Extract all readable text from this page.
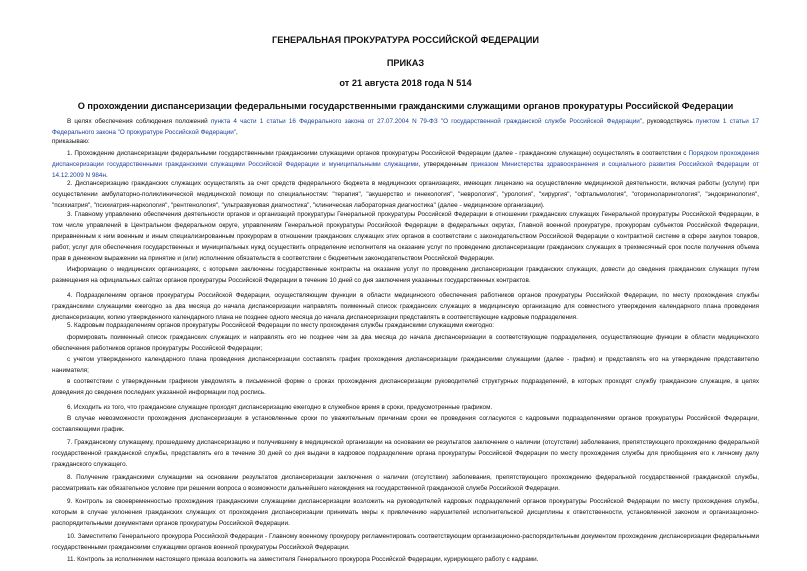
ГЕНЕРАЛЬНАЯ ПРОКУРАТУРА РОССИЙСКОЙ ФЕДЕРАЦИИ
ПРИКАЗ
от 21 августа 2018 года N 514
О прохождении диспансеризации федеральными государственными гражданскими служащими органов прокуратуры Российской Федерации

В целях обеспечения соблюдения положений пункта 4 части 1 статьи 16 Федерального закона от 27.07.2004 N 79-ФЗ "О государственной гражданской службе Российской Федерации", руководствуясь пунктом 1 статьи 17 Федерального закона "О прокуратуре Российской Федерации",

приказываю:

1. Прохождение диспансеризации федеральными государственными гражданскими служащими органов прокуратуры Российской Федерации (далее - гражданские служащие) осуществлять в соответствии с Порядком прохождения диспансеризации государственными гражданскими служащими Российской Федерации и муниципальными служащими, утвержденным приказом Министерства здравоохранения и социального развития Российской Федерации от 14.12.2009 N 984н.

2. Диспансеризацию гражданских служащих осуществлять за счет средств федерального бюджета в медицинских организациях, имеющих лицензию на осуществление медицинской деятельности, включая работы (услуги) при осуществлении амбулаторно-поликлинической медицинской помощи по специальностям: "терапия", "акушерство и гинекология", "неврология", "урология", "хирургия", "офтальмология", "оториноларингология", "эндокринология", "психиатрия", "психиатрия-наркология", "рентгенология", "ультразвуковая диагностика", "клиническая лабораторная диагностика" (далее - медицинские организации).

3. Главному управлению обеспечения деятельности органов и организаций прокуратуры Генеральной прокуратуры Российской Федерации в отношении гражданских служащих Генеральной прокуратуры Российской Федерации, в том числе управлений в Центральном федеральном округе, управлениям Генеральной прокуратуры Российской Федерации в федеральных округах, Главной военной прокуратуре, прокурорам субъектов Российской Федерации, приравненным к ним военным и иным специализированным прокурорам в отношении гражданских служащих этих органов в соответствии с законодательством Российской Федерации о контрактной системе в сфере закупок товаров, работ, услуг для обеспечения государственных и муниципальных нужд осуществить определение исполнителя на оказание услуг по проведению диспансеризации гражданских служащих в трехмесячный срок после получения объема прав в денежном выражении на принятие и (или) исполнение обязательств в соответствии с бюджетным законодательством Российской Федерации.

Информацию о медицинских организациях, с которыми заключены государственные контракты на оказание услуг по проведению диспансеризации гражданских служащих, довести до сведения гражданских служащих путем размещения на официальных сайтах органов прокуратуры Российской Федерации в течение 10 дней со дня заключения указанных государственных контрактов.

4. Подразделениям органов прокуратуры Российской Федерации, осуществляющим функции в области медицинского обеспечения работников органов прокуратуры Российской Федерации, по месту прохождения службы гражданскими служащими ежегодно за два месяца до начала диспансеризации направлять поименный список гражданских служащих в медицинскую организацию для совместного утверждения календарного плана проведения диспансеризации, копию утвержденного календарного плана не позднее одного месяца до начала диспансеризации представлять в соответствующие кадровые подразделения.

5. Кадровым подразделениям органов прокуратуры Российской Федерации по месту прохождения службы гражданскими служащими ежегодно:

формировать поименный список гражданских служащих и направлять его не позднее чем за два месяца до начала диспансеризации в соответствующие подразделения, осуществляющие функции в области медицинского обеспечения работников органов прокуратуры Российской Федерации;

с учетом утвержденного календарного плана проведения диспансеризации составлять график прохождения диспансеризации гражданскими служащими (далее - график) и представлять его на утверждение представителю нанимателя;

в соответствии с утвержденным графиком уведомлять в письменной форме о сроках прохождения диспансеризации руководителей структурных подразделений, в которых проходят службу гражданские служащие, в целях доведения до сведения последних указанной информации под роспись.

6. Исходить из того, что гражданские служащие проходят диспансеризацию ежегодно в служебное время в сроки, предусмотренные графиком.

В случае невозможности прохождения диспансеризации в установленные сроки по уважительным причинам сроки ее проведения согласуются с кадровыми подразделениями органов прокуратуры Российской Федерации, составляющими график.

7. Гражданскому служащему, прошедшему диспансеризацию и получившему в медицинской организации на основании ее результатов заключение о наличии (отсутствии) заболевания, препятствующего прохождению федеральной государственной гражданской службы, представлять его в течение 30 дней со дня выдачи в кадровое подразделение органа прокуратуры Российской Федерации по месту прохождения службы для приобщения его к личному делу гражданского служащего.

8. Получение гражданскими служащими на основании результатов диспансеризации заключения о наличии (отсутствии) заболевания, препятствующего прохождению федеральной государственной гражданской службы, рассматривать как обязательное условие при решении вопроса о возможности дальнейшего нахождения на государственной гражданской службе Российской Федерации.

9. Контроль за своевременностью прохождения гражданскими служащими диспансеризации возложить на руководителей кадровых подразделений органов прокуратуры Российской Федерации по месту прохождения службы, которым в случае уклонения гражданских служащих от прохождения диспансеризации принимать меры к привлечению нарушителей исполнительской дисциплины к ответственности, установленной законом и организационно-распорядительными документами органов прокуратуры Российской Федерации.

10. Заместителю Генерального прокурора Российской Федерации - Главному военному прокурору регламентировать соответствующим организационно-распорядительным документом прохождение диспансеризации федеральными государственными гражданскими служащими органов военной прокуратуры Российской Федерации.

11. Контроль за исполнением настоящего приказа возложить на заместителя Генерального прокурора Российской Федерации, курирующего работу с кадрами.
